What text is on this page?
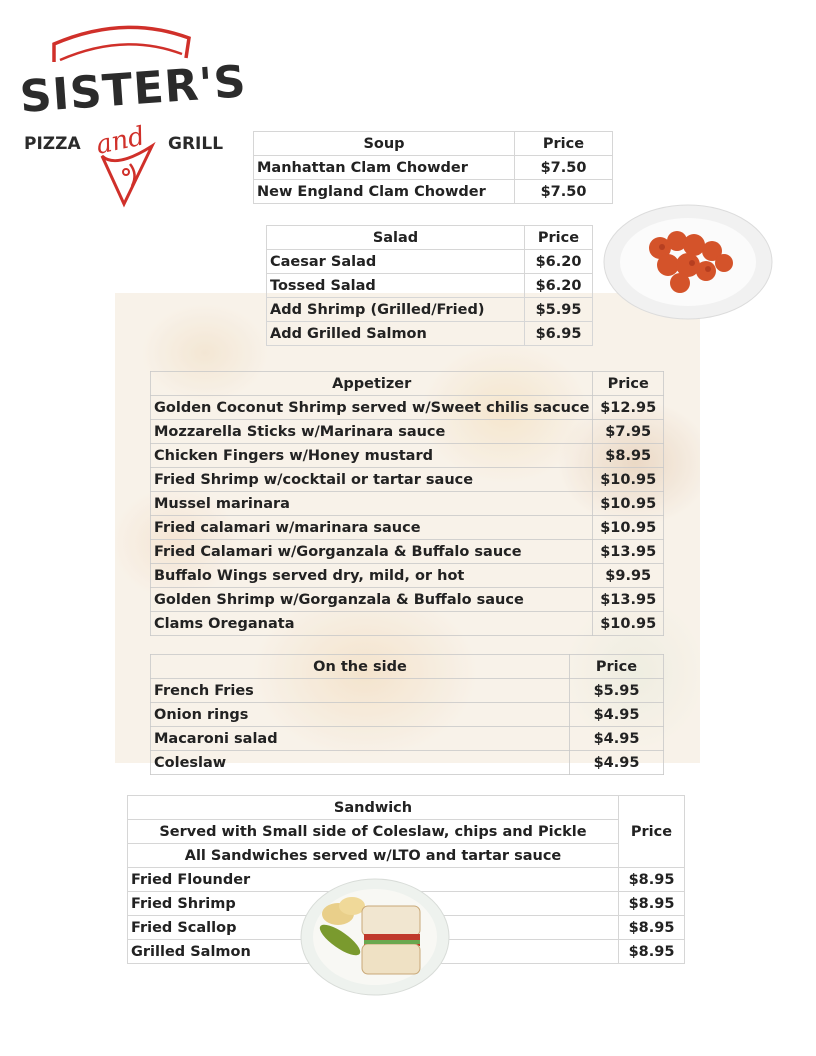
SISTER'S
PIZZA and GRILL	Soup	Price
Manhattan Clam Chowder	$7.50
New England Clam Chowder	$7.50
Salad	Price
Caesar Salad	$6.20
Tossed Salad	$6.20
Add Shrimp (Grilled/Fried)	$5.95
Add Grilled Salmon	$6.95
Appetizer	Price
Golden Coconut Shrimp served w/Sweet chilis sacuce	$12.95
Mozzarella Sticks w/Marinara sauce	$7.95
Chicken Fingers w/Honey mustard	$8.95
Fried Shrimp w/cocktail or tartar sauce	$10.95
Mussel marinara	$10.95
Fried calamari w/marinara sauce	$10.95
Fried Calamari w/Gorganzala & Buffalo sauce	$13.95
Buffalo Wings served dry, mild, or hot	$9.95
Golden Shrimp w/Gorganzala & Buffalo sauce	$13.95
Clams Oreganata	$10.95
On the side	Price
French Fries	$5.95
Onion rings	$4.95
Macaroni salad	$4.95
Coleslaw	$4.95
Sandwich	Price
Served with Small side of Coleslaw, chips and Pickle	
All Sandwiches served w/LTO and tartar sauce	
Fried Flounder	$8.95
Fried Shrimp	$8.95
Fried Scallop	$8.95
Grilled Salmon	$8.95
